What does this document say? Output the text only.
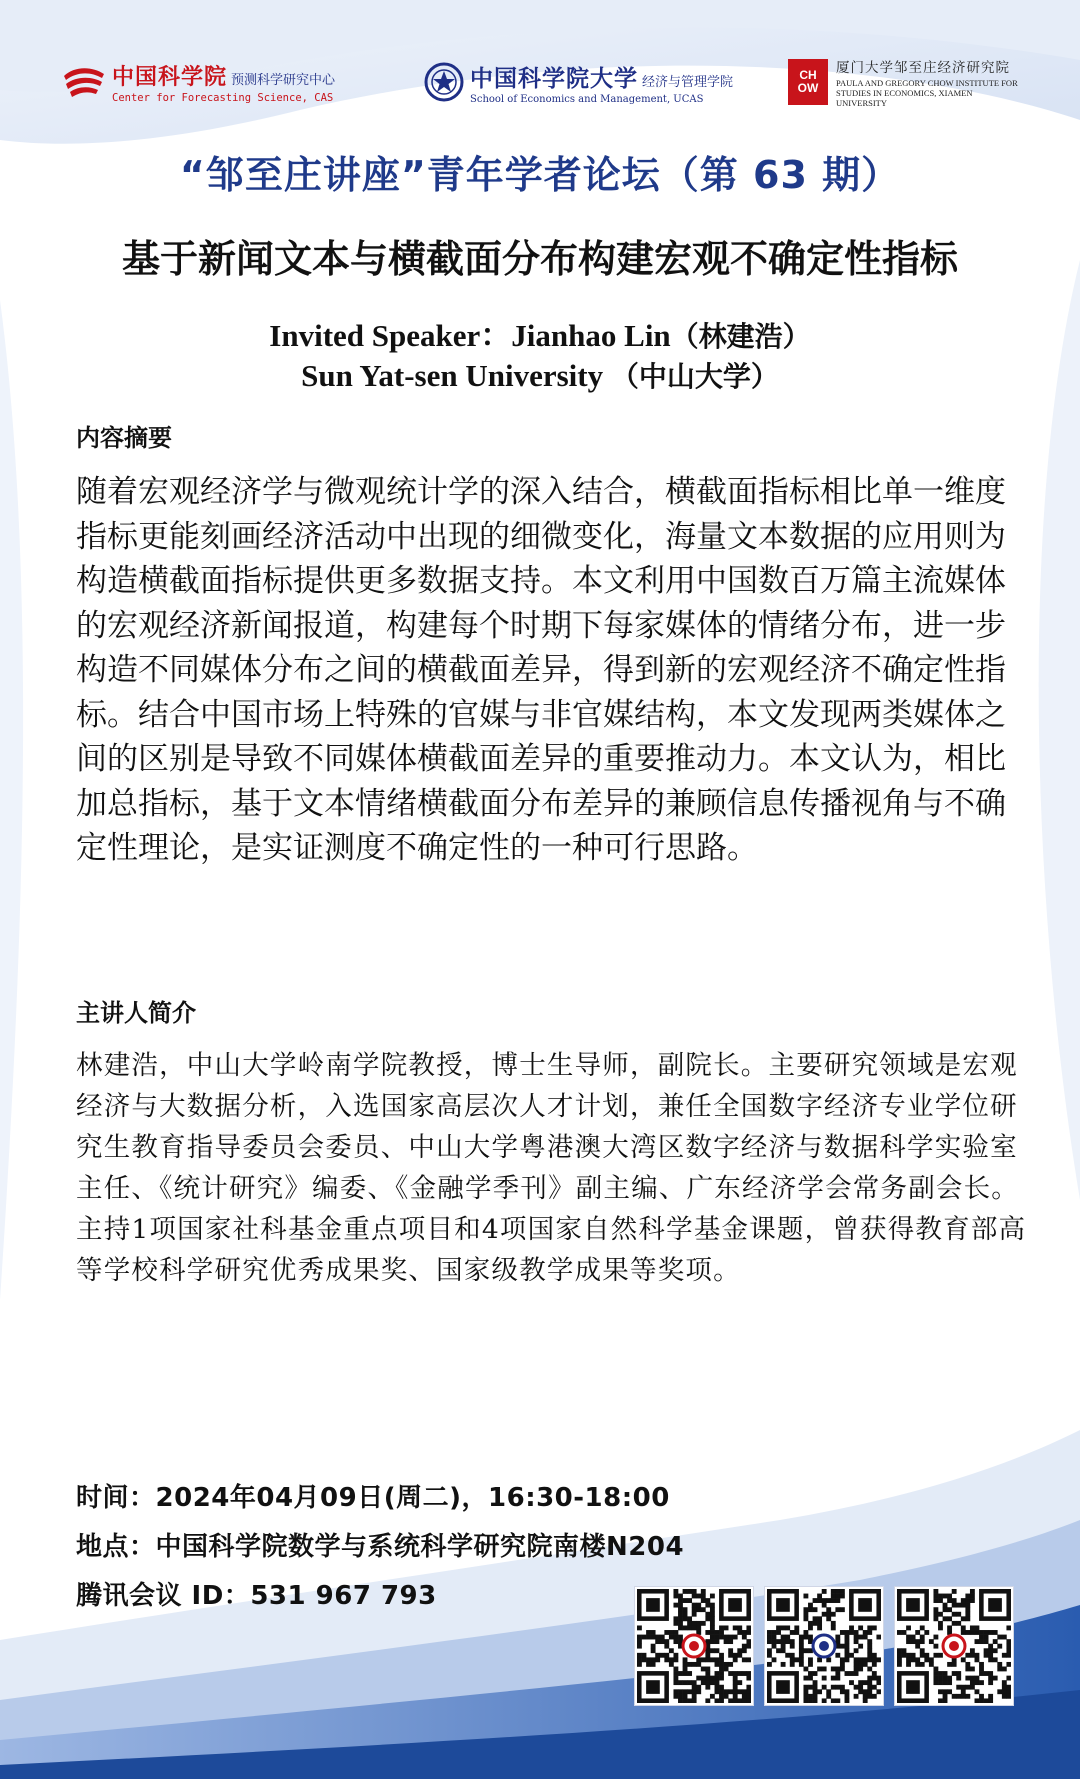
中国科学院 预测科学研究中心
Center for Forecasting Science, CAS
中国科学院大学 经济与管理学院
School of Economics and Management, UCAS
CH
OW
厦门大学邹至庄经济研究院
PAULA AND GREGORY CHOW INSTITUTE FOR STUDIES IN ECONOMICS, XIAMEN UNIVERSITY
“邹至庄讲座”青年学者论坛（第 63 期）
基于新闻文本与横截面分布构建宏观不确定性指标
Invited Speaker：Jianhao Lin（林建浩）
Sun Yat-sen University （中山大学）
内容摘要

随着宏观经济学与微观统计学的深入结合，横截面指标相比单一维度指标更能刻画经济活动中出现的细微变化，海量文本数据的应用则为构造横截面指标提供更多数据支持。本文利用中国数百万篇主流媒体的宏观经济新闻报道，构建每个时期下每家媒体的情绪分布，进一步构造不同媒体分布之间的横截面差异，得到新的宏观经济不确定性指标。结合中国市场上特殊的官媒与非官媒结构，本文发现两类媒体之间的区别是导致不同媒体横截面差异的重要推动力。本文认为，相比加总指标，基于文本情绪横截面分布差异的兼顾信息传播视角与不确定性理论，是实证测度不确定性的一种可行思路。

主讲人简介

林建浩，中山大学岭南学院教授，博士生导师，副院长。主要研究领域是宏观经济与大数据分析，入选国家高层次人才计划，兼任全国数字经济专业学位研究生教育指导委员会委员、中山大学粤港澳大湾区数字经济与数据科学实验室主任、《统计研究》编委、《金融学季刊》副主编、广东经济学会常务副会长。主持1项国家社科基金重点项目和4项国家自然科学基金课题，曾获得教育部高等学校科学研究优秀成果奖、国家级教学成果等奖项。

时间：2024年04月09日(周二)，16:30-18:00
地点：中国科学院数学与系统科学研究院南楼N204
腾讯会议 ID：531 967 793
